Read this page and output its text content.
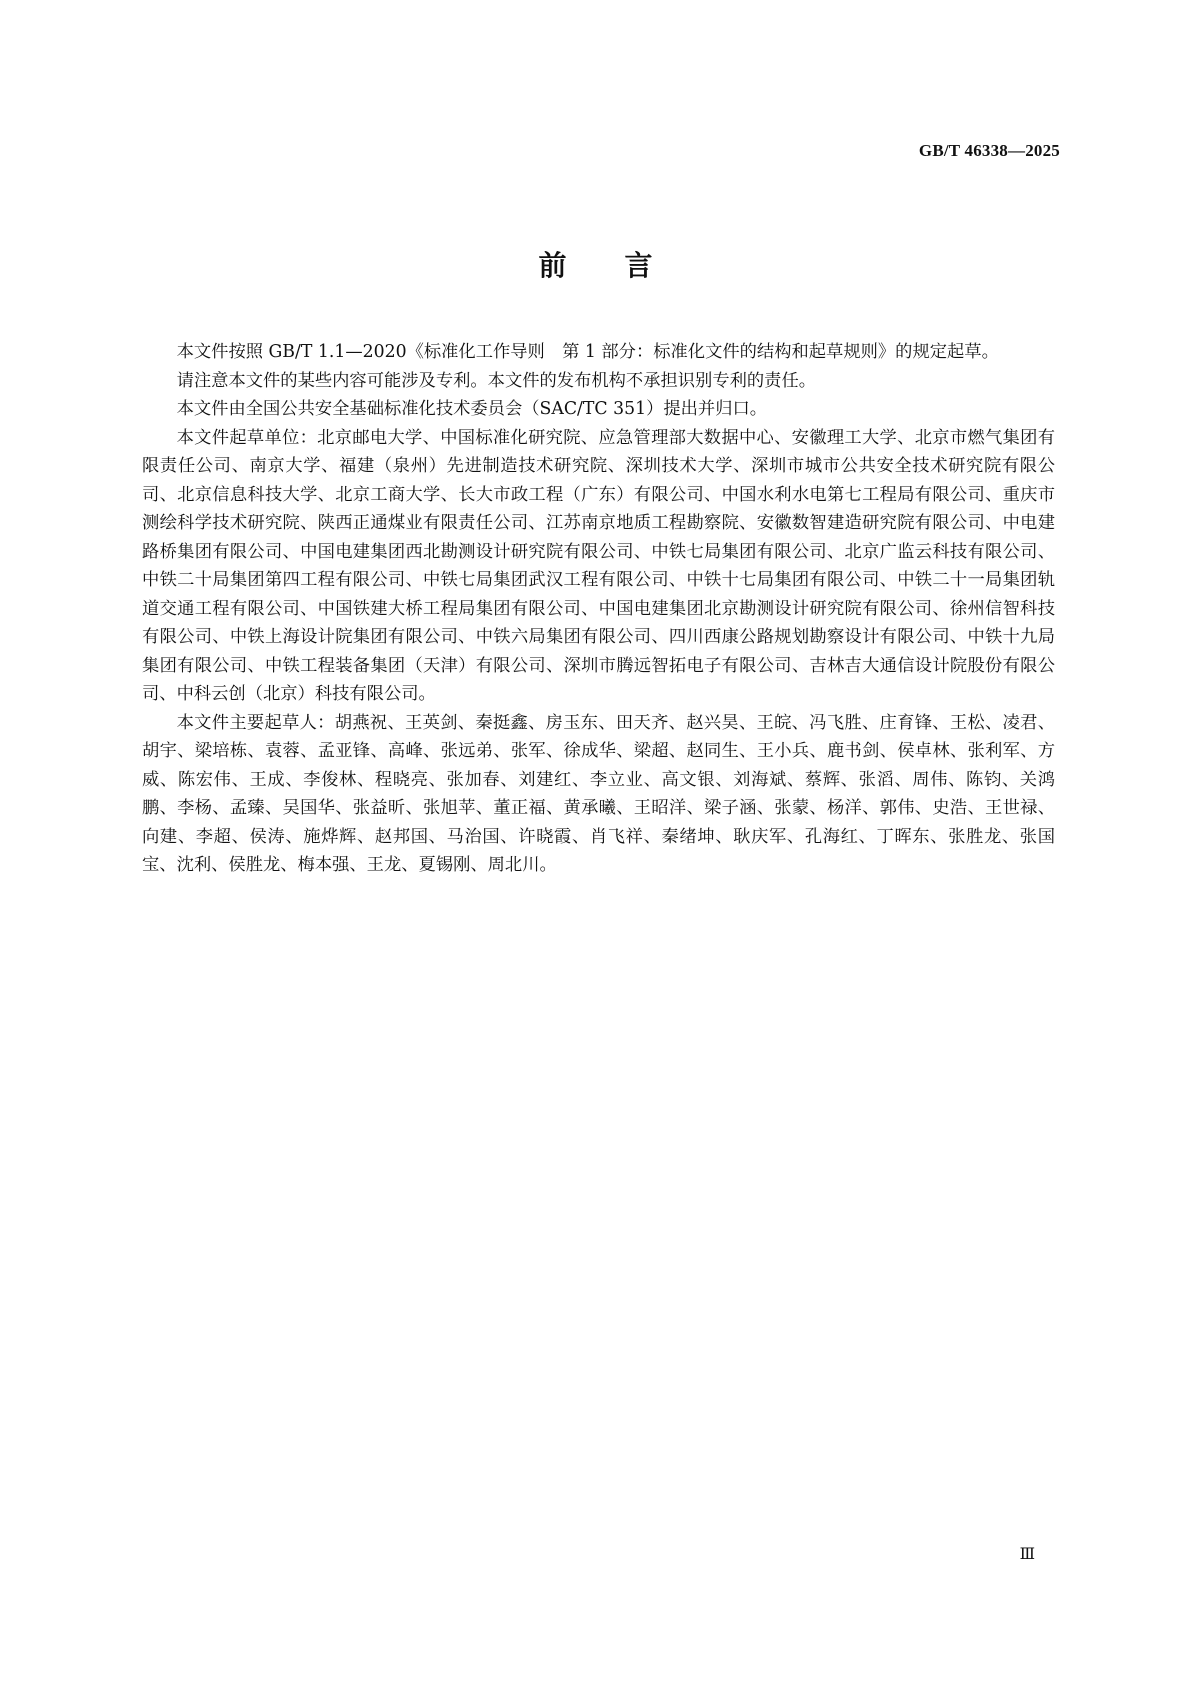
GB/T 46338—2025
前言

本文件按照 GB/T 1.1—2020《标准化工作导则　第 1 部分：标准化文件的结构和起草规则》的规定起草。

请注意本文件的某些内容可能涉及专利。本文件的发布机构不承担识别专利的责任。

本文件由全国公共安全基础标准化技术委员会（SAC/TC 351）提出并归口。

本文件起草单位：北京邮电大学、中国标准化研究院、应急管理部大数据中心、安徽理工大学、北京市燃气集团有限责任公司、南京大学、福建（泉州）先进制造技术研究院、深圳技术大学、深圳市城市公共安全技术研究院有限公司、北京信息科技大学、北京工商大学、长大市政工程（广东）有限公司、中国水利水电第七工程局有限公司、重庆市测绘科学技术研究院、陕西正通煤业有限责任公司、江苏南京地质工程勘察院、安徽数智建造研究院有限公司、中电建路桥集团有限公司、中国电建集团西北勘测设计研究院有限公司、中铁七局集团有限公司、北京广监云科技有限公司、中铁二十局集团第四工程有限公司、中铁七局集团武汉工程有限公司、中铁十七局集团有限公司、中铁二十一局集团轨道交通工程有限公司、中国铁建大桥工程局集团有限公司、中国电建集团北京勘测设计研究院有限公司、徐州信智科技有限公司、中铁上海设计院集团有限公司、中铁六局集团有限公司、四川西康公路规划勘察设计有限公司、中铁十九局集团有限公司、中铁工程装备集团（天津）有限公司、深圳市腾远智拓电子有限公司、吉林吉大通信设计院股份有限公司、中科云创（北京）科技有限公司。

本文件主要起草人：胡燕祝、王英剑、秦挺鑫、房玉东、田天齐、赵兴昊、王皖、冯飞胜、庄育锋、王松、凌君、胡宇、梁培栋、袁蓉、孟亚锋、高峰、张远弟、张军、徐成华、梁超、赵同生、王小兵、鹿书剑、侯卓林、张利军、方威、陈宏伟、王成、李俊林、程晓亮、张加春、刘建红、李立业、高文银、刘海斌、蔡辉、张滔、周伟、陈钧、关鸿鹏、李杨、孟臻、吴国华、张益昕、张旭苹、董正福、黄承曦、王昭洋、梁子涵、张蒙、杨洋、郭伟、史浩、王世禄、向建、李超、侯涛、施烨辉、赵邦国、马治国、许晓霞、肖飞祥、秦绪坤、耿庆军、孔海红、丁晖东、张胜龙、张国宝、沈利、侯胜龙、梅本强、王龙、夏锡刚、周北川。

Ⅲ
